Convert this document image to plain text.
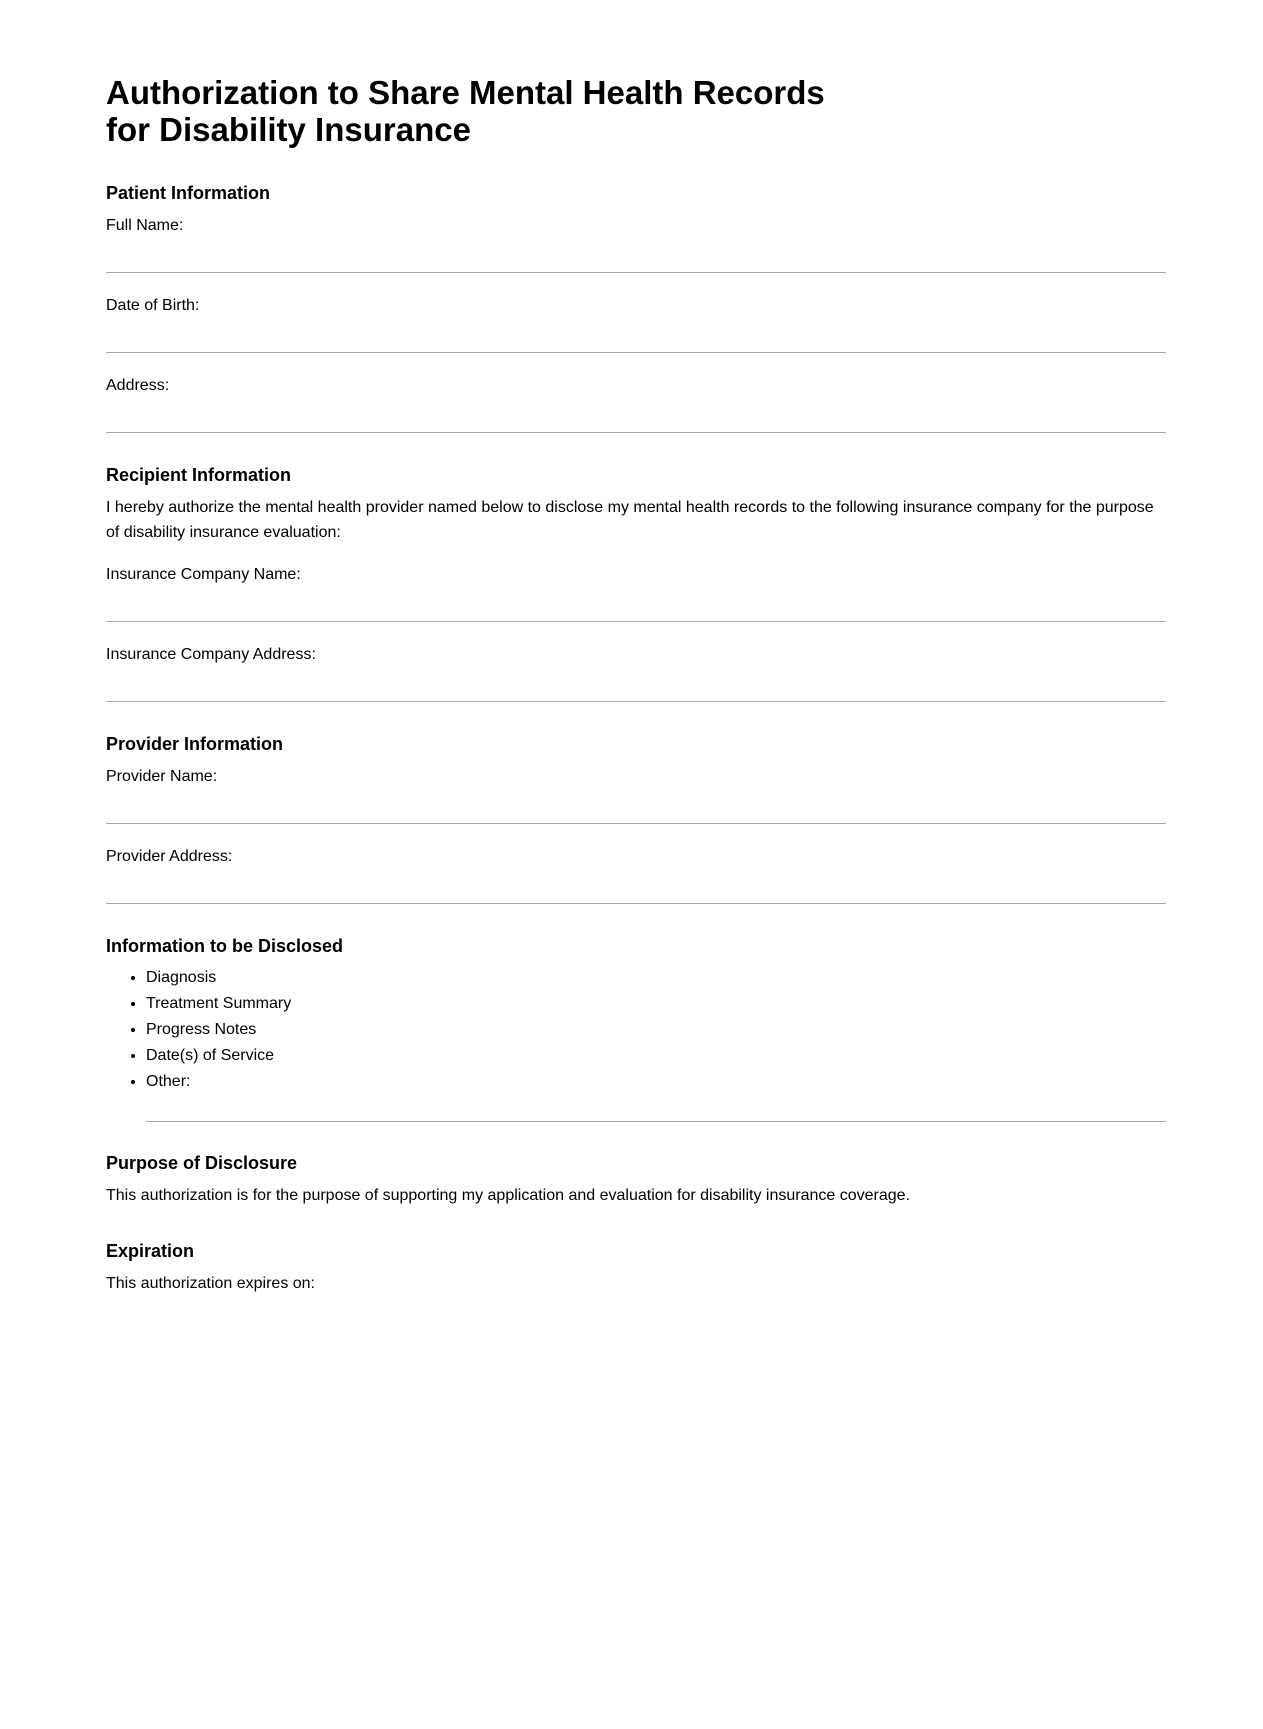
Authorization to Share Mental Health Records
for Disability Insurance
Patient Information
Full Name:
Date of Birth:
Address:
Recipient Information

I hereby authorize the mental health provider named below to disclose my mental health records to the following insurance company for the purpose of disability insurance evaluation:

Insurance Company Name:
Insurance Company Address:
Provider Information
Provider Name:
Provider Address:
Information to be Disclosed
• Diagnosis
• Treatment Summary
• Progress Notes
• Date(s) of Service
• Other:
Purpose of Disclosure

This authorization is for the purpose of supporting my application and evaluation for disability insurance coverage.

Expiration

This authorization expires on:
